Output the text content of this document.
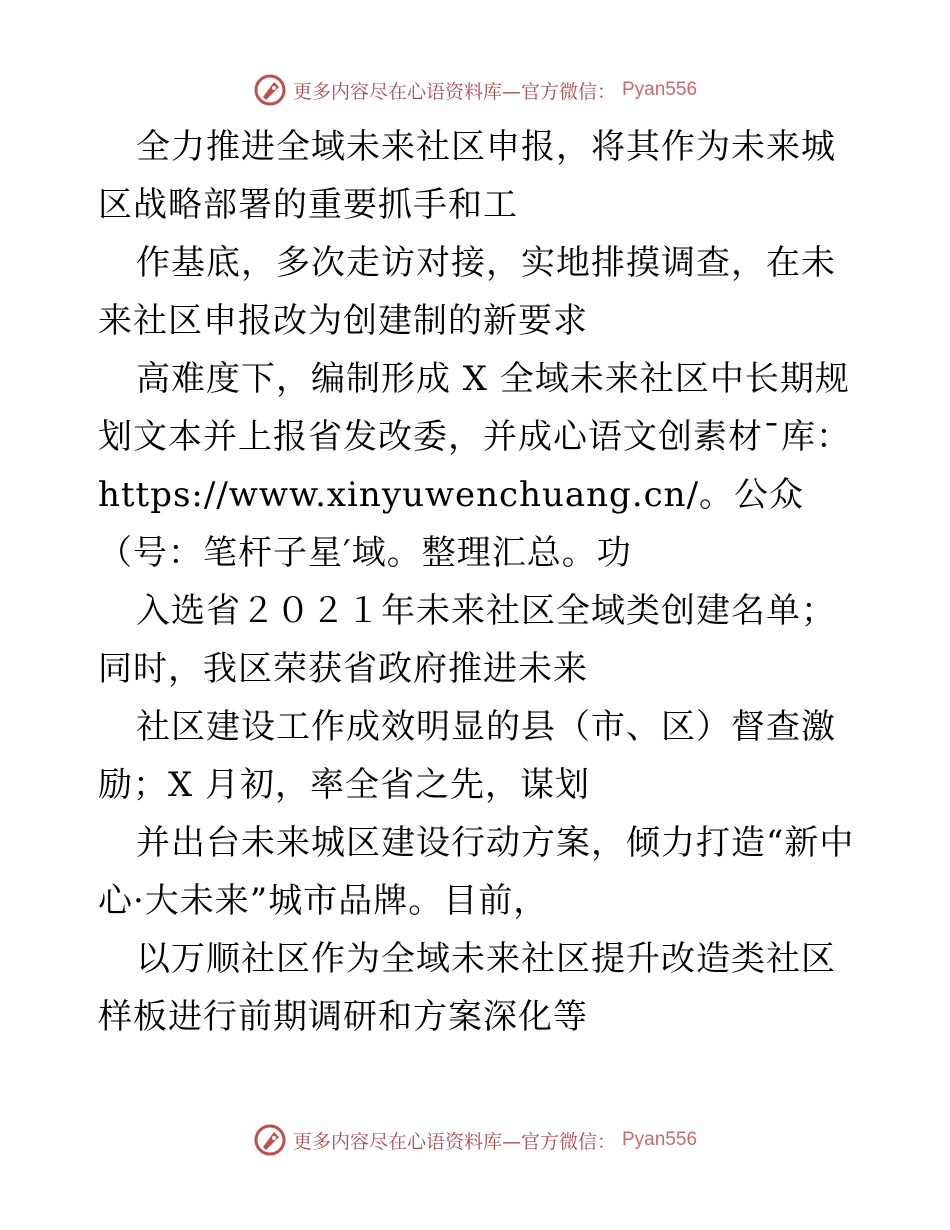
更多内容尽在心语资料库—官方微信： Pyan556

全力推进全域未来社区申报，将其作为未来城区战略部署的重要抓手和工

作基底，多次走访对接，实地排摸调查，在未来社区申报改为创建制的新要求

高难度下，编制形成 X 全域未来社区中长期规划文本并上报省发改委，并成心语文创素材¯库：https://www.xinyuwenchuang.cn/。公众（号：笔杆子星′域。整理汇总。功

入选省２０２１年未来社区全域类创建名单；同时，我区荣获省政府推进未来

社区建设工作成效明显的县（市、区）督查激励；X 月初，率全省之先，谋划

并出台未来城区建设行动方案，倾力打造“新中心·大未来”城市品牌。目前，

以万顺社区作为全域未来社区提升改造类社区样板进行前期调研和方案深化等

更多内容尽在心语资料库—官方微信： Pyan556
